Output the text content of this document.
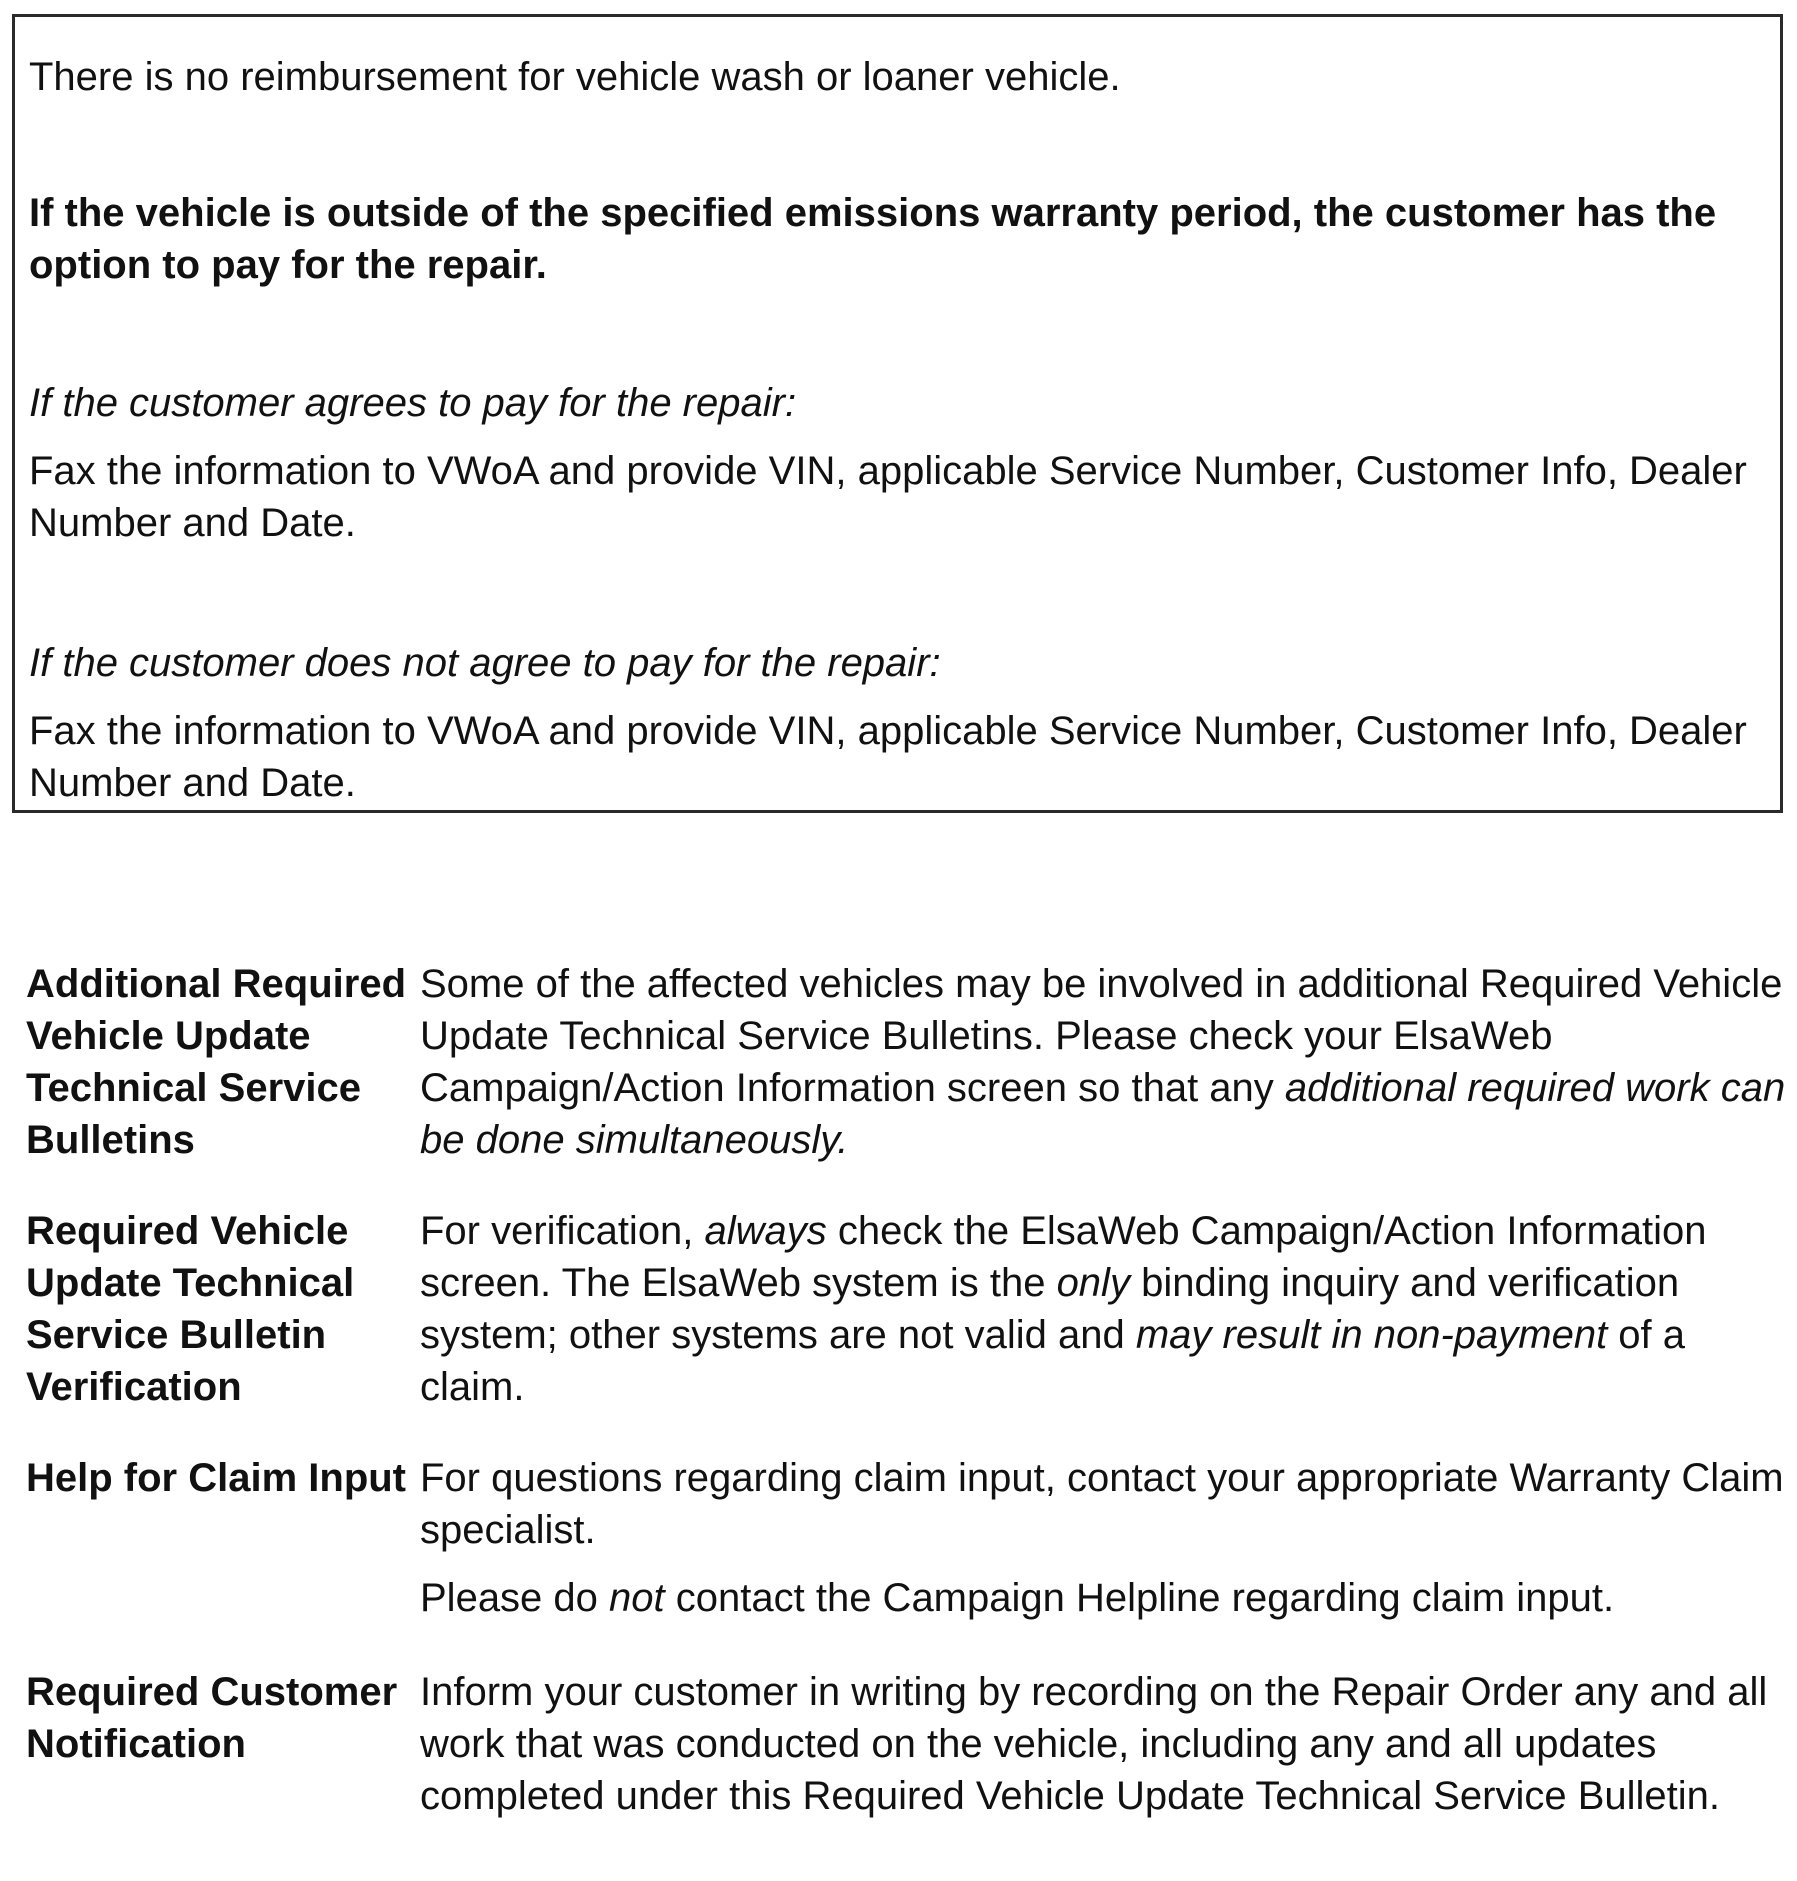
There is no reimbursement for vehicle wash or loaner vehicle.

If the vehicle is outside of the specified emissions warranty period, the customer has the option to pay for the repair.

If the customer agrees to pay for the repair:

Fax the information to VWoA and provide VIN, applicable Service Number, Customer Info, Dealer Number and Date.

If the customer does not agree to pay for the repair:

Fax the information to VWoA and provide VIN, applicable Service Number, Customer Info, Dealer Number and Date.

Additional Required Vehicle Update Technical Service Bulletins

Some of the affected vehicles may be involved in additional Required Vehicle Update Technical Service Bulletins. Please check your ElsaWeb Campaign/Action Information screen so that any additional required work can be done simultaneously.

Required Vehicle Update Technical Service Bulletin Verification

For verification, always check the ElsaWeb Campaign/Action Information screen. The ElsaWeb system is the only binding inquiry and verification system; other systems are not valid and may result in non-payment of a claim.

Help for Claim Input For questions regarding claim input, contact your appropriate Warranty Claim specialist.

Please do not contact the Campaign Helpline regarding claim input.

Required Customer Notification

Inform your customer in writing by recording on the Repair Order any and all work that was conducted on the vehicle, including any and all updates completed under this Required Vehicle Update Technical Service Bulletin.
